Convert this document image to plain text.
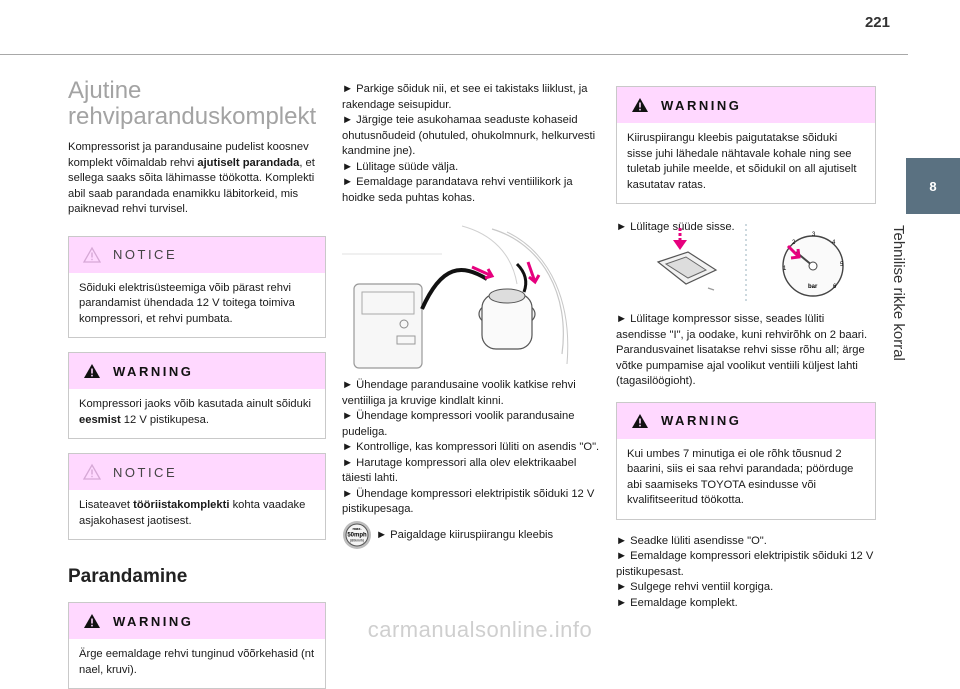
221
8
Tehnilise rikke korral
Ajutine
rehviparanduskomplekt

Kompressorist ja parandusaine pudelist koosnev komplekt võimaldab rehvi ajutiselt parandada, et sellega saaks sõita lähimasse töökotta. Komplekti abil saab parandada enamikku läbitorkeid, mis paiknevad rehvi turvisel.

NOTICE
Sõiduki elektrisüsteemiga võib pärast rehvi parandamist ühendada 12 V toitega toimiva kompressori, et rehvi pumbata.
WARNING
Kompressori jaoks võib kasutada ainult sõiduki eesmist 12 V pistikupesa.
NOTICE
Lisateavet tööriistakomplekti kohta vaadake asjakohasest jaotisest.
Parandamine
WARNING
Ärge eemaldage rehvi tunginud võõrkehasid (nt nael, kruvi).
► Parkige sõiduk nii, et see ei takistaks liiklust, ja rakendage seisupidur.
► Järgige teie asukohamaa seaduste kohaseid ohutusnõudeid (ohutuled, ohukolmnurk, helkurvesti kandmine jne).
► Lülitage süüde välja.
► Eemaldage parandatava rehvi ventiilikork ja hoidke seda puhtas kohas.
► Ühendage parandusaine voolik katkise rehvi ventiiliga ja kruvige kindlalt kinni.
► Ühendage kompressori voolik parandusaine pudeliga.
► Kontrollige, kas kompressori lüliti on asendis "O".
► Harutage kompressori alla olev elektrikaabel täiesti lahti.
► Ühendage kompressori elektripistik sõiduki 12 V pistikupesaga.
max.
50mph
(80km/h) ► Paigaldage kiiruspiirangu kleebis
WARNING
Kiiruspiirangu kleebis paigutatakse sõiduki sisse juhi lähedale nähtavale kohale ning see tuletab juhile meelde, et sõidukil on all ajutiselt kasutatav ratas.
► Lülitage süüde sisse.
1
2
3
4
5
6
bar
► Lülitage kompressor sisse, seades lüliti asendisse "I", ja oodake, kuni rehvirõhk on 2 baari. Parandusvainet lisatakse rehvi sisse rõhu all; ärge võtke pumpamise ajal voolikut ventiili küljest lahti (tagasilöögioht).
WARNING
Kui umbes 7 minutiga ei ole rõhk tõusnud 2 baarini, siis ei saa rehvi parandada; pöörduge abi saamiseks TOYOTA esindusse või kvalifitseeritud töökotta.
► Seadke lüliti asendisse "O".
► Eemaldage kompressori elektripistik sõiduki 12 V pistikupesast.
► Sulgege rehvi ventiil korgiga.
► Eemaldage komplekt.
carmanualsonline.info
